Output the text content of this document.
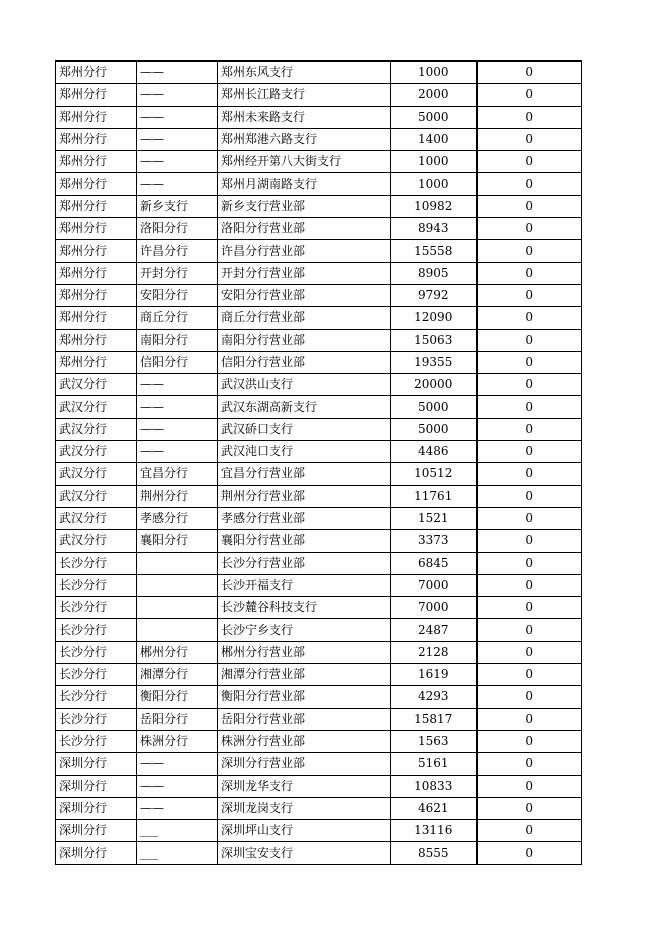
郑州分行	——	郑州东风支行	1000	0
郑州分行	——	郑州长江路支行	2000	0
郑州分行	——	郑州未来路支行	5000	0
郑州分行	——	郑州郑港六路支行	1400	0
郑州分行	——	郑州经开第八大街支行	1000	0
郑州分行	——	郑州月湖南路支行	1000	0
郑州分行	新乡支行	新乡支行营业部	10982	0
郑州分行	洛阳分行	洛阳分行营业部	8943	0
郑州分行	许昌分行	许昌分行营业部	15558	0
郑州分行	开封分行	开封分行营业部	8905	0
郑州分行	安阳分行	安阳分行营业部	9792	0
郑州分行	商丘分行	商丘分行营业部	12090	0
郑州分行	南阳分行	南阳分行营业部	15063	0
郑州分行	信阳分行	信阳分行营业部	19355	0
武汉分行	——	武汉洪山支行	20000	0
武汉分行	——	武汉东湖高新支行	5000	0
武汉分行	——	武汉硚口支行	5000	0
武汉分行	——	武汉沌口支行	4486	0
武汉分行	宜昌分行	宜昌分行营业部	10512	0
武汉分行	荆州分行	荆州分行营业部	11761	0
武汉分行	孝感分行	孝感分行营业部	1521	0
武汉分行	襄阳分行	襄阳分行营业部	3373	0
长沙分行		长沙分行营业部	6845	0
长沙分行		长沙开福支行	7000	0
长沙分行		长沙麓谷科技支行	7000	0
长沙分行		长沙宁乡支行	2487	0
长沙分行	郴州分行	郴州分行营业部	2128	0
长沙分行	湘潭分行	湘潭分行营业部	1619	0
长沙分行	衡阳分行	衡阳分行营业部	4293	0
长沙分行	岳阳分行	岳阳分行营业部	15817	0
长沙分行	株洲分行	株洲分行营业部	1563	0
深圳分行	——	深圳分行营业部	5161	0
深圳分行	——	深圳龙华支行	10833	0
深圳分行	——	深圳龙岗支行	4621	0
深圳分行	___	深圳坪山支行	13116	0
深圳分行	___	深圳宝安支行	8555	0
